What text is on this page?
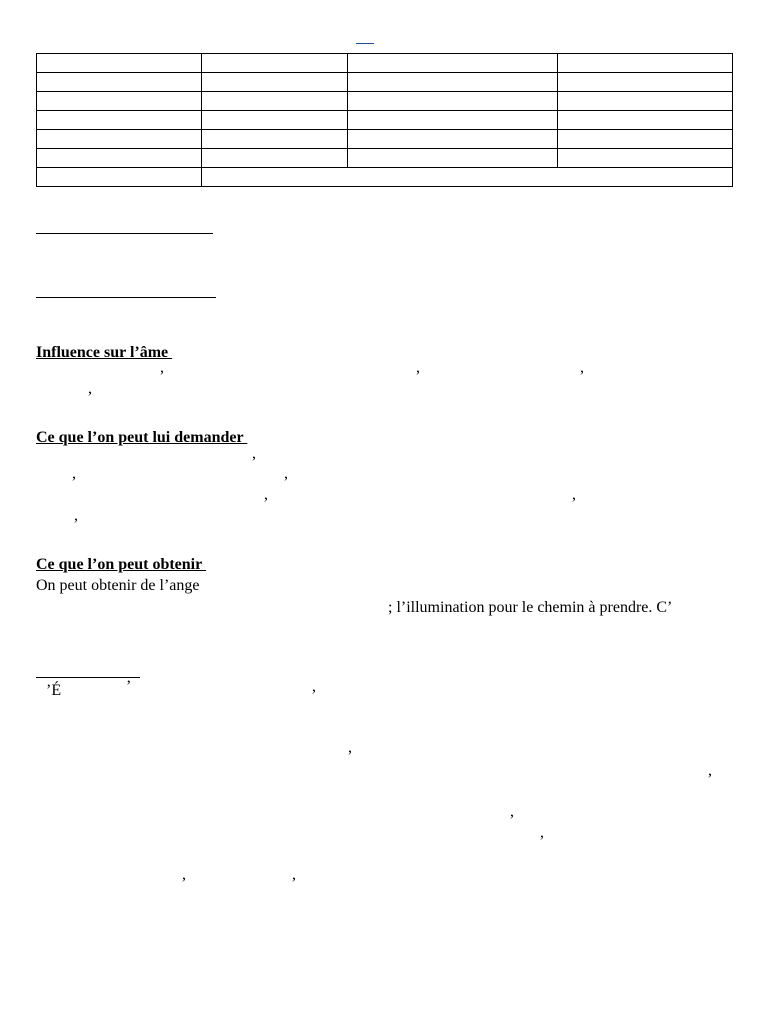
Influence sur l’âme
,	,	,
,
Ce que l’on peut lui demander
,
,	,
,	,
,
Ce que l’on peut obtenir
On peut obtenir de l’ange
; l’illumination pour le chemin à prendre. C’
’É	’	,
,
,
,
,
,	,
